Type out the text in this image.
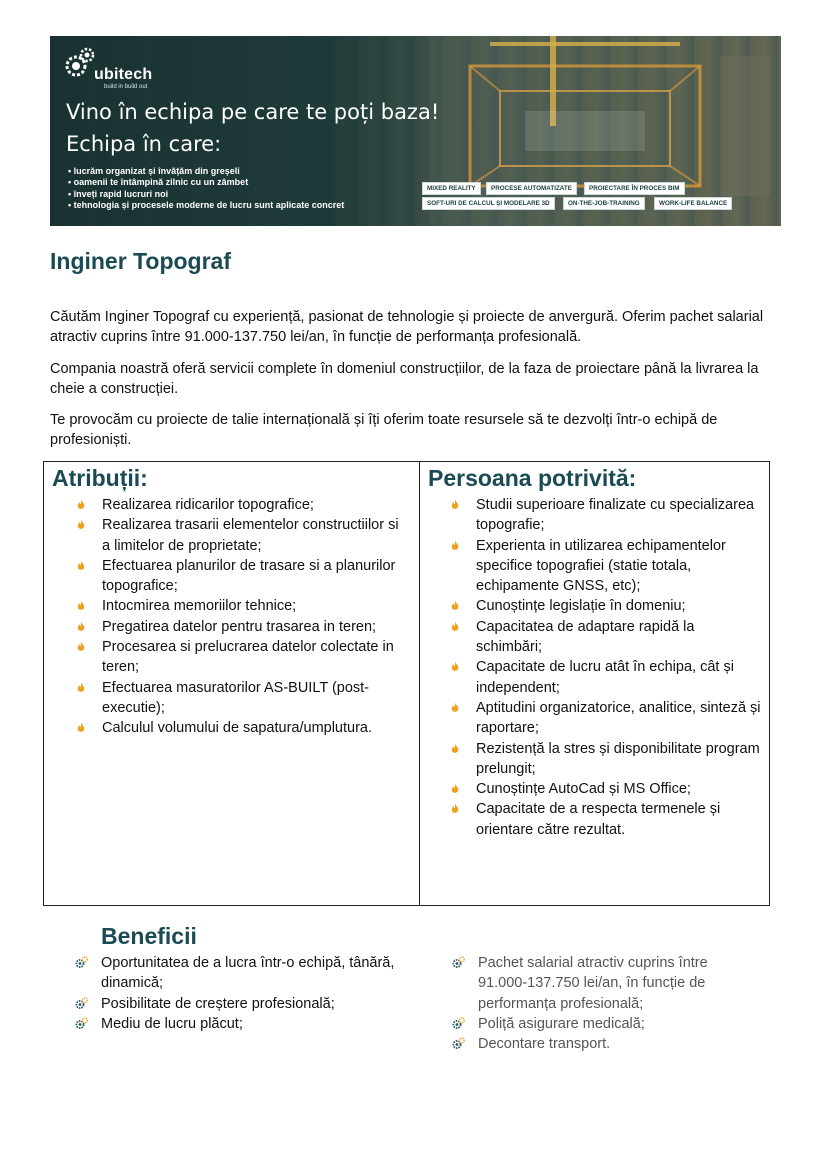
ubitech
build in build out
Vino în echipa pe care te poți baza!
Echipa în care:
• lucrăm organizat și învățăm din greșeli
• oamenii te întâmpină zilnic cu un zâmbet
• înveți rapid lucruri noi
• tehnologia și procesele moderne de lucru sunt aplicate concret
MIXED REALITY	PROCESE AUTOMATIZATE	PROIECTARE ÎN PROCES BIM
SOFT-URI DE CALCUL ȘI MODELARE 3D	ON-THE-JOB-TRAINING	WORK-LIFE BALANCE
Inginer Topograf

Căutăm Inginer Topograf cu experiență, pasionat de tehnologie și proiecte de anvergură. Oferim pachet salarial atractiv cuprins între 91.000-137.750 lei/an, în funcție de performanța profesională.

Compania noastră oferă servicii complete în domeniul construcțiilor, de la faza de proiectare până la livrarea la cheie a construcției.

Te provocăm cu proiecte de talie internațională și îți oferim toate resursele să te dezvolți într-o echipă de profesioniști.

Atribuții:
Realizarea ridicarilor topografice;
Realizarea trasarii elementelor constructiilor si a limitelor de proprietate;
Efectuarea planurilor de trasare si a planurilor topografice;
Intocmirea memoriilor tehnice;
Pregatirea datelor pentru trasarea in teren;
Procesarea si prelucrarea datelor colectate in teren;
Efectuarea masuratorilor AS-BUILT (post-executie);
Calculul volumului de sapatura/umplutura.
Persoana potrivită:
Studii superioare finalizate cu specializarea topografie;
Experienta in utilizarea echipamentelor specifice topografiei (statie totala, echipamente GNSS, etc);
Cunoștințe legislație în domeniu;
Capacitatea de adaptare rapidă la schimbări;
Capacitate de lucru atât în echipa, cât și independent;
Aptitudini organizatorice, analitice, sinteză și raportare;
Rezistență la stres și disponibilitate program prelungit;
Cunoștințe AutoCad și MS Office;
Capacitate de a respecta termenele și orientare către rezultat.
Beneficii
Oportunitatea de a lucra într-o echipă, tânără, dinamică;
Posibilitate de creștere profesională;
Mediu de lucru plăcut;
Pachet salarial atractiv cuprins între 91.000-137.750 lei/an, în funcție de performanța profesională;
Poliță asigurare medicală;
Decontare transport.
